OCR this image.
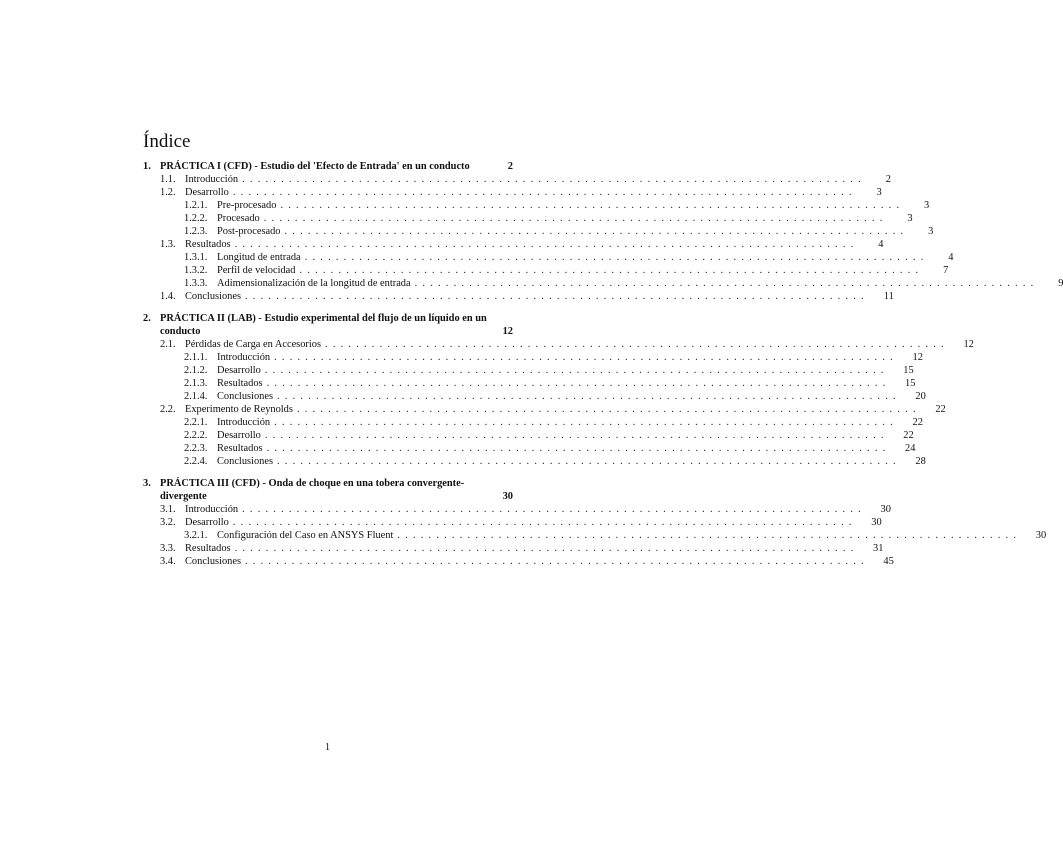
Índice
1. PRÁCTICA I (CFD) - Estudio del 'Efecto de Entrada' en un conducto	2
1.1. Introducción ................................................................................	2
1.2. Desarrollo ................................................................................	3
1.2.1. Pre-procesado ................................................................................	3
1.2.2. Procesado ................................................................................	3
1.2.3. Post-procesado ................................................................................	3
1.3. Resultados ................................................................................	4
1.3.1. Longitud de entrada ................................................................................	4
1.3.2. Perfil de velocidad ................................................................................	7
1.3.3. Adimensionalización de la longitud de entrada ................................................................................	9
1.4. Conclusiones ................................................................................	11
2. PRÁCTICA II (LAB) - Estudio experimental del flujo de un líquido en un conducto	12
2.1. Pérdidas de Carga en Accesorios ................................................................................	12
2.1.1. Introducción ................................................................................	12
2.1.2. Desarrollo ................................................................................	15
2.1.3. Resultados ................................................................................	15
2.1.4. Conclusiones ................................................................................	20
2.2. Experimento de Reynolds ................................................................................	22
2.2.1. Introducción ................................................................................	22
2.2.2. Desarrollo ................................................................................	22
2.2.3. Resultados ................................................................................	24
2.2.4. Conclusiones ................................................................................	28
3. PRÁCTICA III (CFD) - Onda de choque en una tobera convergente-divergente	30
3.1. Introducción ................................................................................	30
3.2. Desarrollo ................................................................................	30
3.2.1. Configuración del Caso en ANSYS Fluent ................................................................................	30
3.3. Resultados ................................................................................	31
3.4. Conclusiones ................................................................................	45
1
